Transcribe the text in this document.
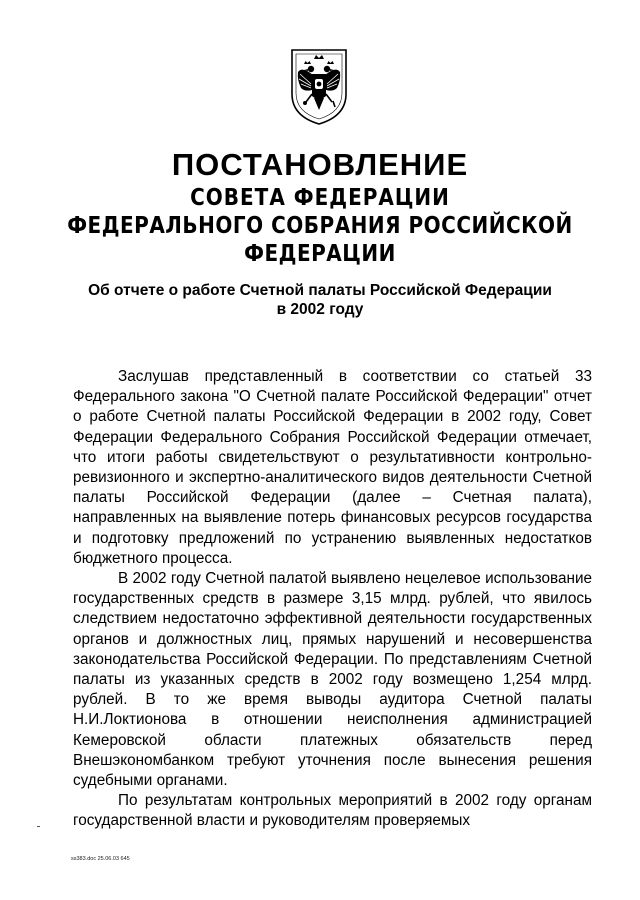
ПОСТАНОВЛЕНИЕ
СОВЕТА ФЕДЕРАЦИИ
ФЕДЕРАЛЬНОГО СОБРАНИЯ РОССИЙСКОЙ ФЕДЕРАЦИИ
Об отчете о работе Счетной палаты Российской Федерации
в 2002 году

Заслушав представленный в соответствии со статьей 33 Федерального закона "О Счетной палате Российской Федерации" отчет о работе Счетной палаты Российской Федерации в 2002 году, Совет Федерации Федерального Собрания Российской Федерации отмечает, что итоги работы свидетельствуют о результативности контрольно-ревизионного и экспертно-аналитического видов деятельности Счетной палаты Российской Федерации (далее – Счетная палата), направленных на выявление потерь финансовых ресурсов государства и подготовку предложений по устранению выявленных недостатков бюджетного процесса.

В 2002 году Счетной палатой выявлено нецелевое использование государственных средств в размере 3,15 млрд. рублей, что явилось следствием недостаточно эффективной деятельности государственных органов и должностных лиц, прямых нарушений и несовершенства законодательства Российской Федерации. По представлениям Счетной палаты из указанных средств в 2002 году возмещено 1,254 млрд. рублей. В то же время выводы аудитора Счетной палаты Н.И.Локтионова в отношении неисполнения администрацией Кемеровской области платежных обязательств перед Внешэкономбанком требуют уточнения после вынесения решения судебными органами.

По результатам контрольных мероприятий в 2002 году органам государственной власти и руководителям проверяемых

ss383.doc 25.06.03 645
